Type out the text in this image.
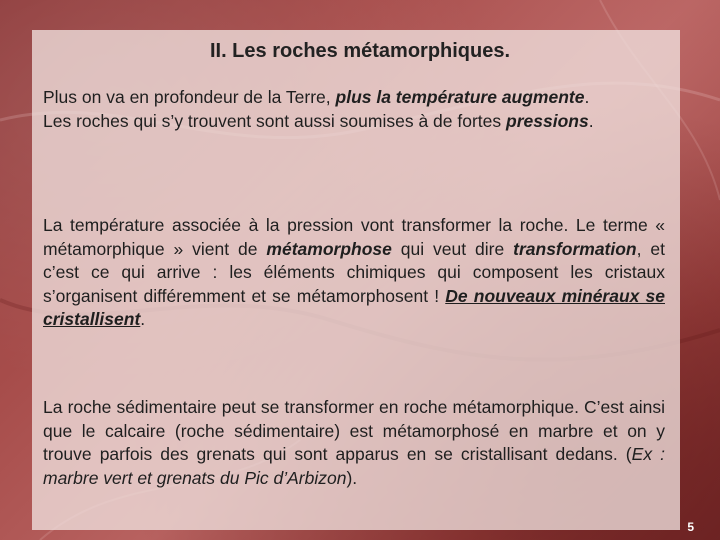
II. Les roches métamorphiques.

Plus on va en profondeur de la Terre, plus la température augmente.
Les roches qui s’y trouvent sont aussi soumises à de fortes pressions.

La température associée à la pression vont transformer la roche. Le terme « métamorphique » vient de métamorphose qui veut dire transformation, et c’est ce qui arrive : les éléments chimiques qui composent les cristaux s’organisent différemment et se métamorphosent ! De nouveaux minéraux se cristallisent.

La roche sédimentaire peut se transformer en roche métamorphique. C’est ainsi que le calcaire (roche sédimentaire) est métamorphosé en marbre et on y trouve parfois des grenats qui sont apparus en se cristallisant dedans. (Ex : marbre vert et grenats du Pic d’Arbizon).

5
